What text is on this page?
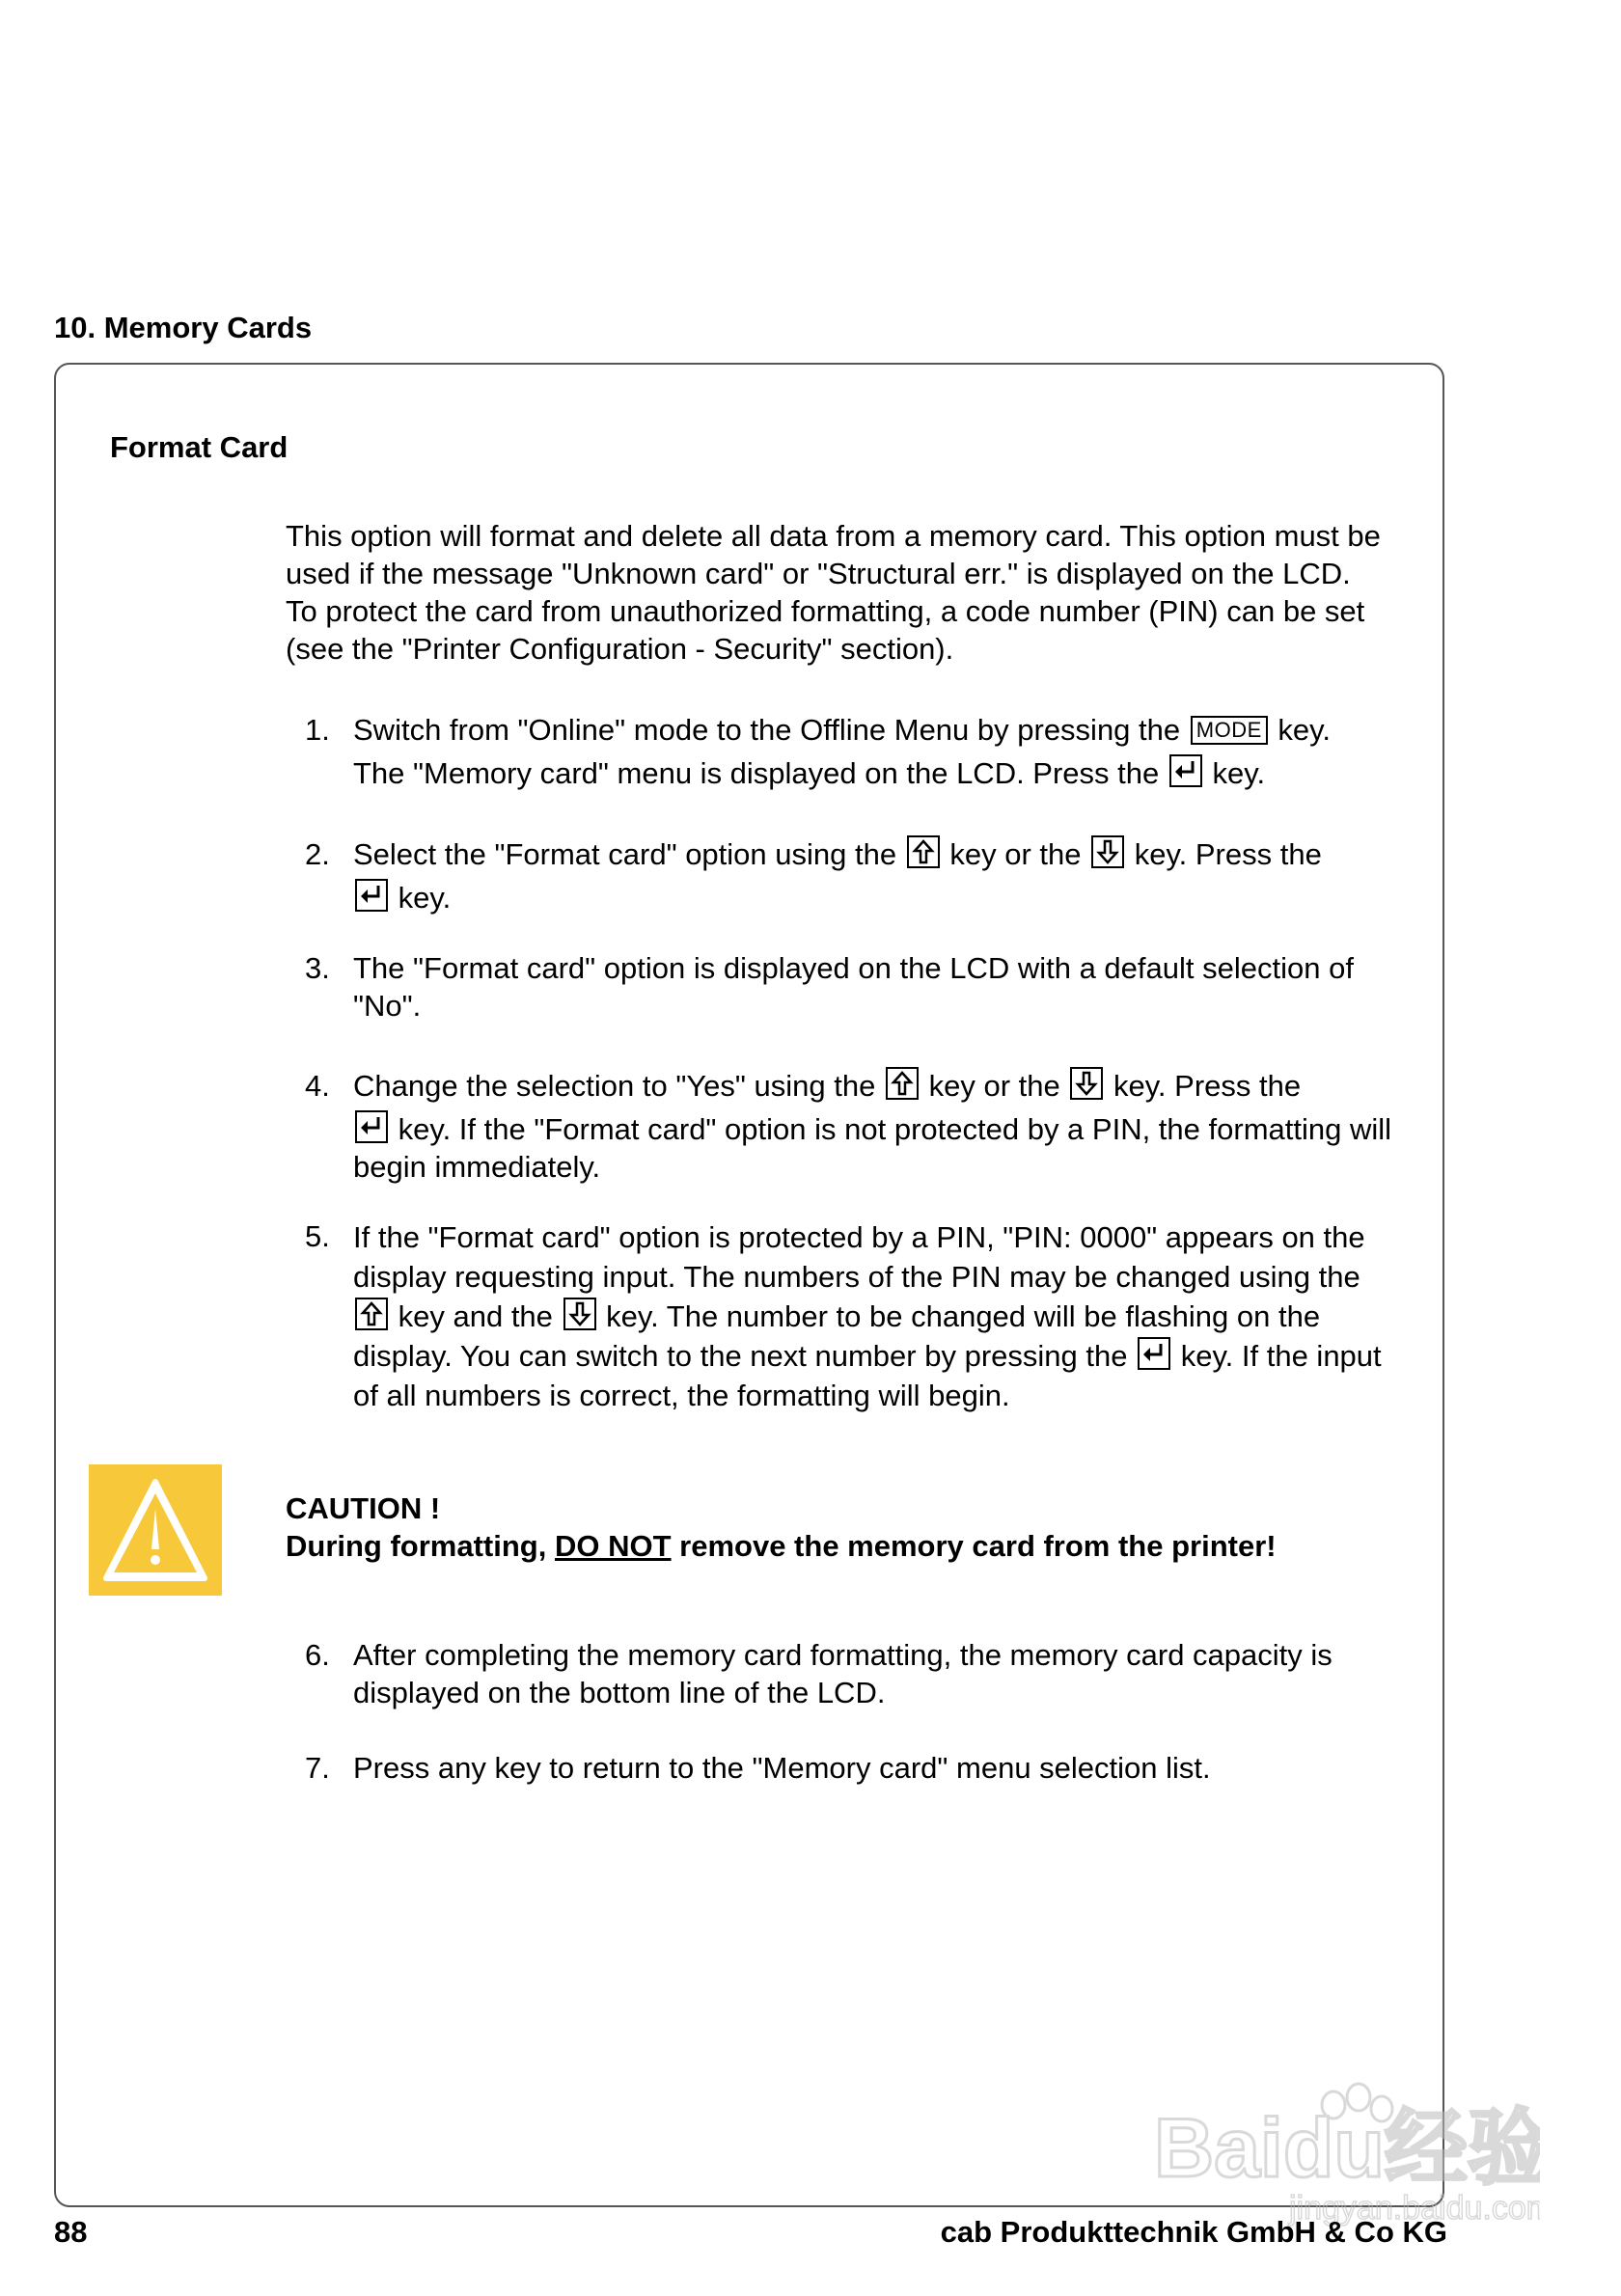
10. Memory Cards
Format Card
This option will format and delete all data from a memory card. This option must be used if the message "Unknown card" or "Structural err." is displayed on the LCD. To protect the card from unauthorized formatting, a code number (PIN) can be set (see the "Printer Configuration - Security" section).
1. Switch from "Online" mode to the Offline Menu by pressing the MODE key.
The "Memory card" menu is displayed on the LCD. Press the key.
2. Select the "Format card" option using the key or the key. Press the

key.
3. The "Format card" option is displayed on the LCD with a default selection of "No".
4. Change the selection to "Yes" using the key or the key. Press the

key. If the "Format card" option is not protected by a PIN, the formatting will begin immediately.
5. If the "Format card" option is protected by a PIN, "PIN: 0000" appears on the display requesting input. The numbers of the PIN may be changed using the
key and the key. The number to be changed will be flashing on the display. You can switch to the next number by pressing the key. If the input of all numbers is correct, the formatting will begin.
CAUTION !
During formatting, DO NOT remove the memory card from the printer!
6. After completing the memory card formatting, the memory card capacity is displayed on the bottom line of the LCD.
7. Press any key to return to the "Memory card" menu selection list.
Baidu经验
jingyan.baidu.com
88	cab Produkttechnik GmbH & Co KG
